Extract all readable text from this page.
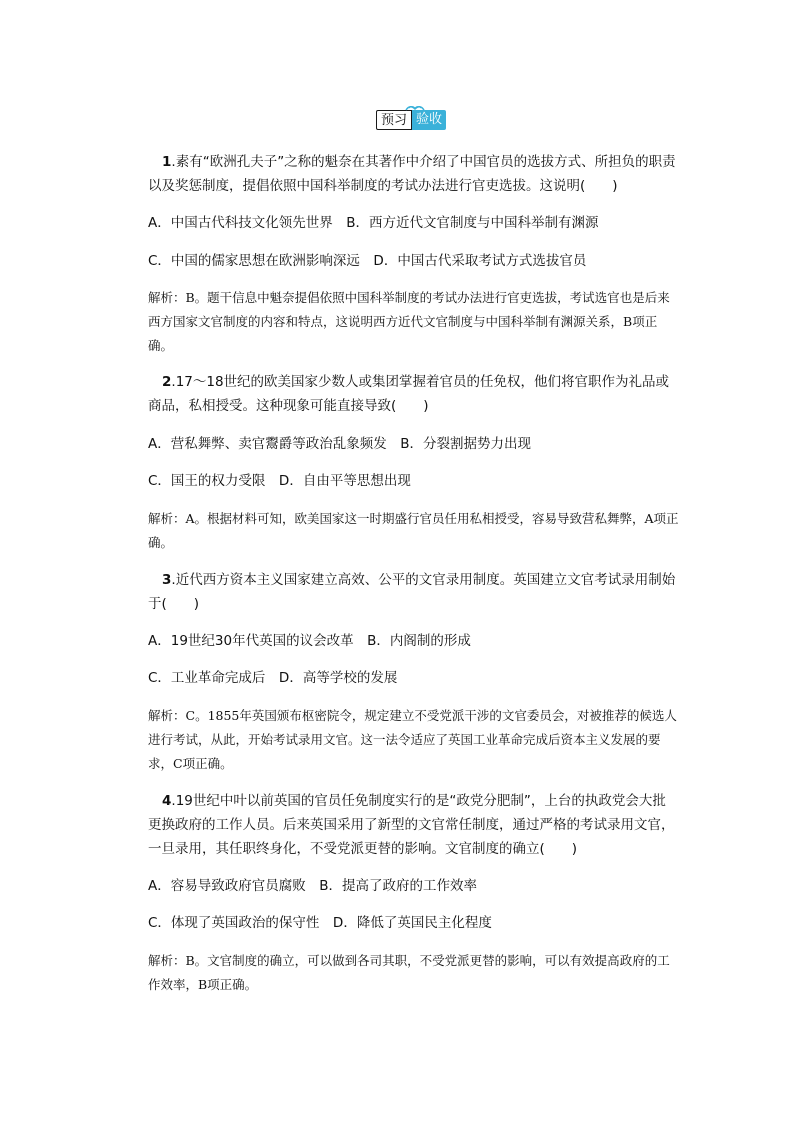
预习 验收
1.素有“欧洲孔夫子”之称的魁奈在其著作中介绍了中国官员的选拔方式、所担负的职责以及奖惩制度，提倡依照中国科举制度的考试办法进行官吏选拔。这说明(　　)
A．中国古代科技文化领先世界　B．西方近代文官制度与中国科举制有渊源
C．中国的儒家思想在欧洲影响深远　D．中国古代采取考试方式选拔官员
解析：B。题干信息中魁奈提倡依照中国科举制度的考试办法进行官吏选拔，考试选官也是后来西方国家文官制度的内容和特点，这说明西方近代文官制度与中国科举制有渊源关系，B项正确。
2.17～18世纪的欧美国家少数人或集团掌握着官员的任免权，他们将官职作为礼品或商品，私相授受。这种现象可能直接导致(　　)
A．营私舞弊、卖官鬻爵等政治乱象频发　B．分裂割据势力出现
C．国王的权力受限　D．自由平等思想出现
解析：A。根据材料可知，欧美国家这一时期盛行官员任用私相授受，容易导致营私舞弊，A项正确。
3.近代西方资本主义国家建立高效、公平的文官录用制度。英国建立文官考试录用制始于(　　)
A．19世纪30年代英国的议会改革　B．内阁制的形成
C．工业革命完成后　D．高等学校的发展
解析：C。1855年英国颁布枢密院令，规定建立不受党派干涉的文官委员会，对被推荐的候选人进行考试，从此，开始考试录用文官。这一法令适应了英国工业革命完成后资本主义发展的要求，C项正确。
4.19世纪中叶以前英国的官员任免制度实行的是“政党分肥制”，上台的执政党会大批更换政府的工作人员。后来英国采用了新型的文官常任制度，通过严格的考试录用文官，一旦录用，其任职终身化，不受党派更替的影响。文官制度的确立(　　)
A．容易导致政府官员腐败　B．提高了政府的工作效率
C．体现了英国政治的保守性　D．降低了英国民主化程度
解析：B。文官制度的确立，可以做到各司其职，不受党派更替的影响，可以有效提高政府的工作效率，B项正确。
